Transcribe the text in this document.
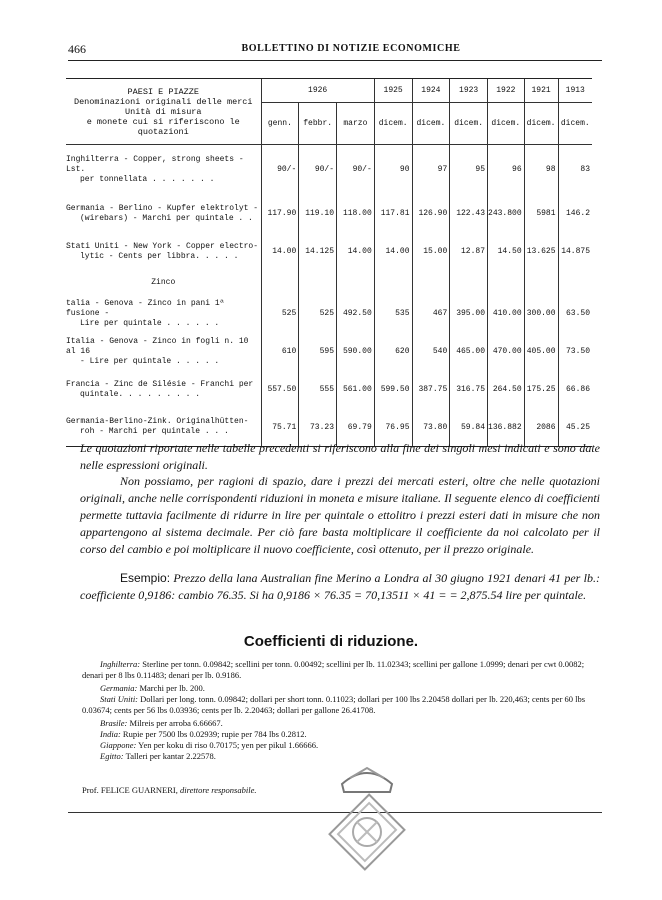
466	BOLLETTINO DI NOTIZIE ECONOMICHE
PAESI E PIAZZE
Denominazioni originali delle merci
Unità di misura
e monete cui si riferiscono le quotazioni	1926			1925	1924	1923	1922	1921	1913
	genn.	febbr.	marzo	dicem.	dicem.	dicem.	dicem.	dicem.	dicem.

Inghilterra - Copper, strong sheets - Lst.
per tonnellata . . . . . . .	90/-	90/-	90/-	90	97	95	96	98	83

Germania - Berlino - Kupfer elektrolyt -
(wirebars) - Marchi per quintale . .	117.90	119.10	118.00	117.81	126.90	122.43	243.800	5981	146.2

Stati Uniti - New York - Copper electro-
lytic - Cents per libbra. . . . .	14.00	14.125	14.00	14.00	15.00	12.87	14.50	13.625	14.875
Zinco									

talia - Genova - Zinco in pani 1ª fusione -
Lire per quintale . . . . . .	525	525	492.50	535	467	395.00	410.00	300.00	63.50

Italia - Genova - Zinco in fogli n. 10 al 16
- Lire per quintale . . . . .	610	595	590.00	620	540	465.00	470.00	405.00	73.50

Francia - Zinc de Silésie - Franchi per
quintale. . . . . . . . .	557.50	555	561.00	599.50	387.75	316.75	264.50	175.25	66.86

Germania-Berlino-Zink. Originalhütten-
roh - Marchi per quintale . . .	75.71	73.23	69.79	76.95	73.80	59.84	136.882	2086	45.25
Le quotazioni riportate nelle tabelle precedenti si riferiscono alla fine dei singoli mesi indicati e sono date nelle espressioni originali.
Non possiamo, per ragioni di spazio, dare i prezzi dei mercati esteri, oltre che nelle quotazioni originali, anche nelle corrispondenti riduzioni in moneta e misure italiane. Il seguente elenco di coefficienti permette tuttavia facilmente di ridurre in lire per quintale o ettolitro i prezzi esteri dati in misure che non appartengono al sistema decimale. Per ciò fare basta moltiplicare il coefficiente da noi calcolato per il corso del cambio e poi moltiplicare il nuovo coefficiente, così ottenuto, per il prezzo originale.
Esempio: Prezzo della lana Australian fine Merino a Londra al 30 giugno 1921 denari 41 per lb.: coefficiente 0,9186: cambio 76.35. Si ha 0,9186 × 76.35 = 70,13511 × 41 = = 2,875.54 lire per quintale.
Coefficienti di riduzione.
Inghilterra: Sterline per tonn. 0.09842; scellini per tonn. 0.00492; scellini per lb. 11.02343; scellini per gallone 1.0999; denari per cwt 0.0082; denari per 8 lbs 0.11483; denari per lb. 0.9186.
Germania: Marchi per lb. 200.
Stati Uniti: Dollari per long. tonn. 0.09842; dollari per short tonn. 0.11023; dollari per 100 lbs 2.20458 dollari per lb. 220,463; cents per 60 lbs 0.03674; cents per 56 lbs 0.03936; cents per lb. 2.20463; dollari per gallone 26.41708.
Brasile: Milreis per arroba 6.66667.
India: Rupie per 7500 lbs 0.02939; rupie per 784 lbs 0.2812.
Giappone: Yen per koku di riso 0.70175; yen per pikul 1.66666.
Egitto: Talleri per kantar 2.22578.
Prof. FELICE GUARNERI, direttore responsabile.
